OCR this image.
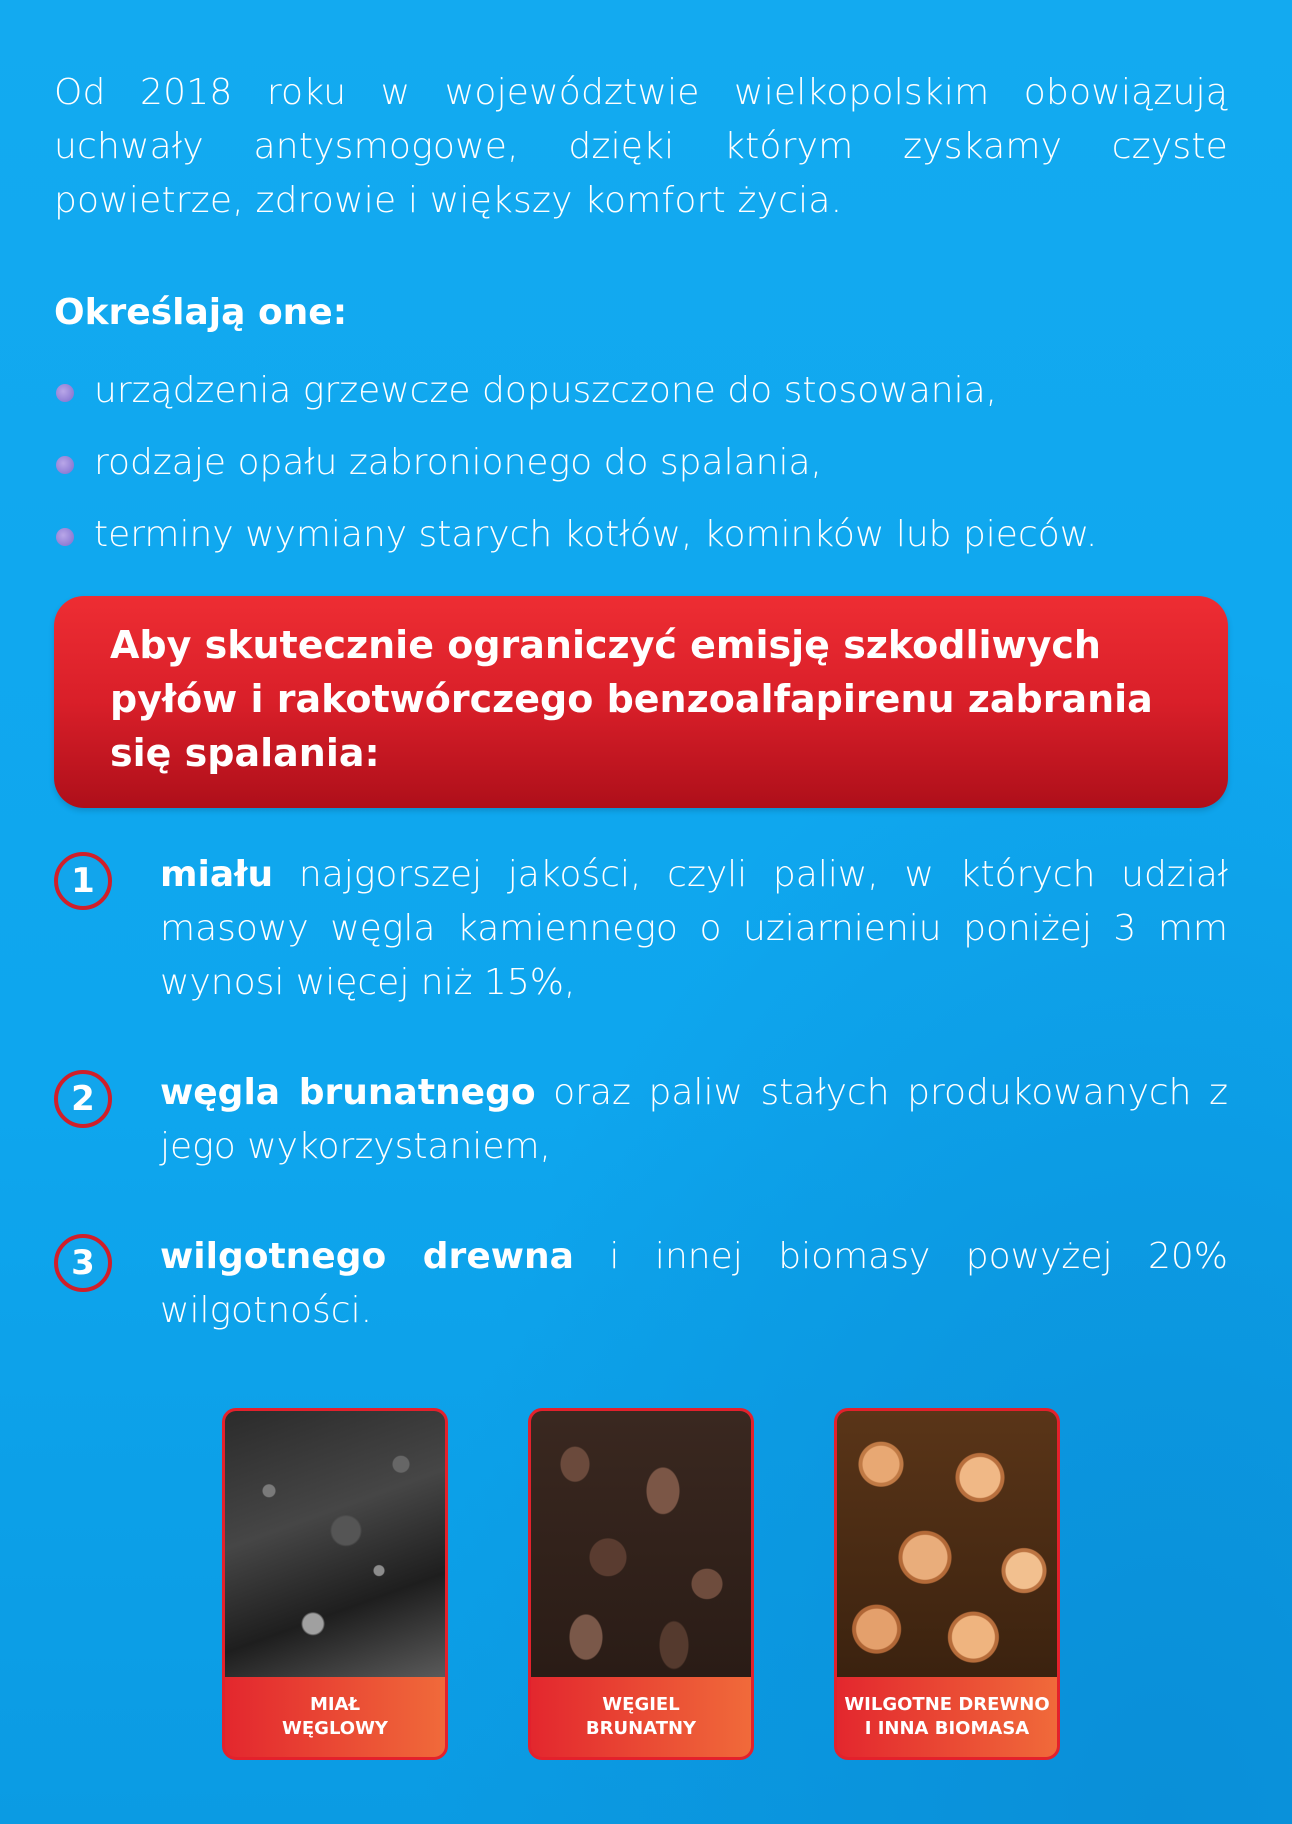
Od 2018 roku w województwie wielkopolskim obowiązują uchwały antysmogowe, dzięki którym zyskamy czyste powietrze, zdrowie i większy komfort życia.

Określają one:
urządzenia grzewcze dopuszczone do stosowania,
rodzaje opału zabronionego do spalania,
terminy wymiany starych kotłów, kominków lub pieców.

Aby skutecznie ograniczyć emisję szkodliwych pyłów i rakotwórczego benzoalfapirenu zabrania się spalania:

1	miału najgorszej jakości, czyli paliw, w których udział masowy węgla kamiennego o uziarnieniu poniżej 3 mm wynosi więcej niż 15%,

2	węgla brunatnego oraz paliw stałych produkowanych z jego wykorzystaniem,

3	wilgotnego drewna i innej biomasy powyżej 20% wilgotności.

MIAŁ
WĘGLOWY
WĘGIEL
BRUNATNY
WILGOTNE DREWNO
I INNA BIOMASA
